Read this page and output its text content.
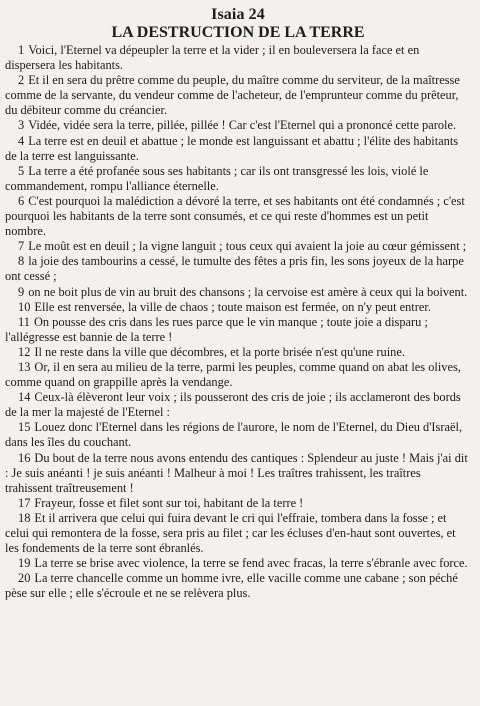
Isaia 24
LA DESTRUCTION DE LA TERRE

1 Voici, l'Eternel va dépeupler la terre et la vider ; il en bouleversera la face et en dispersera les habitants.

2 Et il en sera du prêtre comme du peuple, du maître comme du serviteur, de la maîtresse comme de la servante, du vendeur comme de l'acheteur, de l'emprunteur comme du prêteur, du débiteur comme du créancier.

3 Vidée, vidée sera la terre, pillée, pillée ! Car c'est l'Eternel qui a prononcé cette parole.

4 La terre est en deuil et abattue ; le monde est languissant et abattu ; l'élite des habitants de la terre est languissante.

5 La terre a été profanée sous ses habitants ; car ils ont transgressé les lois, violé le commandement, rompu l'alliance éternelle.

6 C'est pourquoi la malédiction a dévoré la terre, et ses habitants ont été condamnés ; c'est pourquoi les habitants de la terre sont consumés, et ce qui reste d'hommes est un petit nombre.

7 Le moût est en deuil ; la vigne languit ; tous ceux qui avaient la joie au cœur gémissent ;

8 la joie des tambourins a cessé, le tumulte des fêtes a pris fin, les sons joyeux de la harpe ont cessé ;

9 on ne boit plus de vin au bruit des chansons ; la cervoise est amère à ceux qui la boivent.

10 Elle est renversée, la ville de chaos ; toute maison est fermée, on n'y peut entrer.

11 On pousse des cris dans les rues parce que le vin manque ; toute joie a disparu ; l'allégresse est bannie de la terre !

12 Il ne reste dans la ville que décombres, et la porte brisée n'est qu'une ruine.

13 Or, il en sera au milieu de la terre, parmi les peuples, comme quand on abat les olives, comme quand on grappille après la vendange.

14 Ceux-là élèveront leur voix ; ils pousseront des cris de joie ; ils acclameront des bords de la mer la majesté de l'Eternel :

15 Louez donc l'Eternel dans les régions de l'aurore, le nom de l'Eternel, du Dieu d'Israël, dans les îles du couchant.

16 Du bout de la terre nous avons entendu des cantiques : Splendeur au juste ! Mais j'ai dit : Je suis anéanti ! je suis anéanti ! Malheur à moi ! Les traîtres trahissent, les traîtres trahissent traîtreusement !

17 Frayeur, fosse et filet sont sur toi, habitant de la terre !

18 Et il arrivera que celui qui fuira devant le cri qui l'effraie, tombera dans la fosse ; et celui qui remontera de la fosse, sera pris au filet ; car les écluses d'en-haut sont ouvertes, et les fondements de la terre sont ébranlés.

19 La terre se brise avec violence, la terre se fend avec fracas, la terre s'ébranle avec force.

20 La terre chancelle comme un homme ivre, elle vacille comme une cabane ; son péché pèse sur elle ; elle s'écroule et ne se relèvera plus.
